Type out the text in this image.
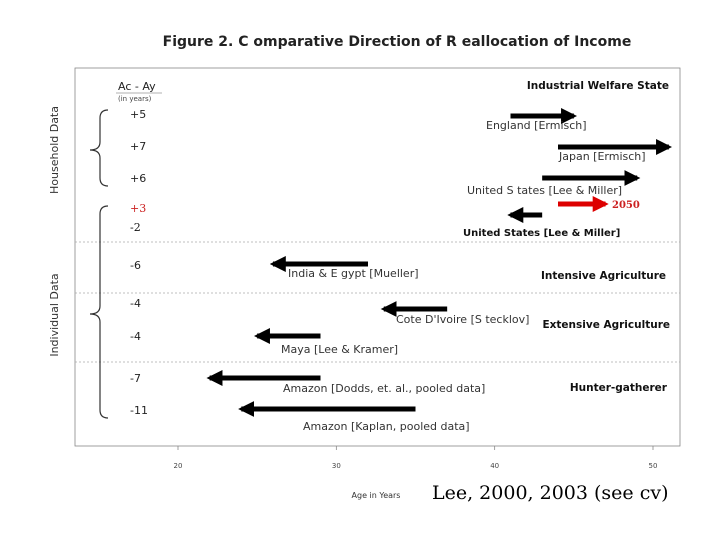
Figure 2. C omparative Direction of R eallocation of Income
Household Data
Individual Data
Ac - Ay
(in years)
Industrial Welfare State
Intensive Agriculture
Extensive Agriculture
Hunter-gatherer
England [Ermisch]
+5
Japan [Ermisch]
+7
United S tates [Lee & Miller]
+6
2050
+3
United States [Lee & Miller]
-2
India & E gypt [Mueller]
-6
Cote D'Ivoire [S tecklov]
-4
Maya [Lee & Kramer]
-4
Amazon [Dodds, et. al., pooled data]
-7
Amazon [Kaplan, pooled data]
-11
20	30	40	50
Age in Years Lee, 2000, 2003 (see cv)
